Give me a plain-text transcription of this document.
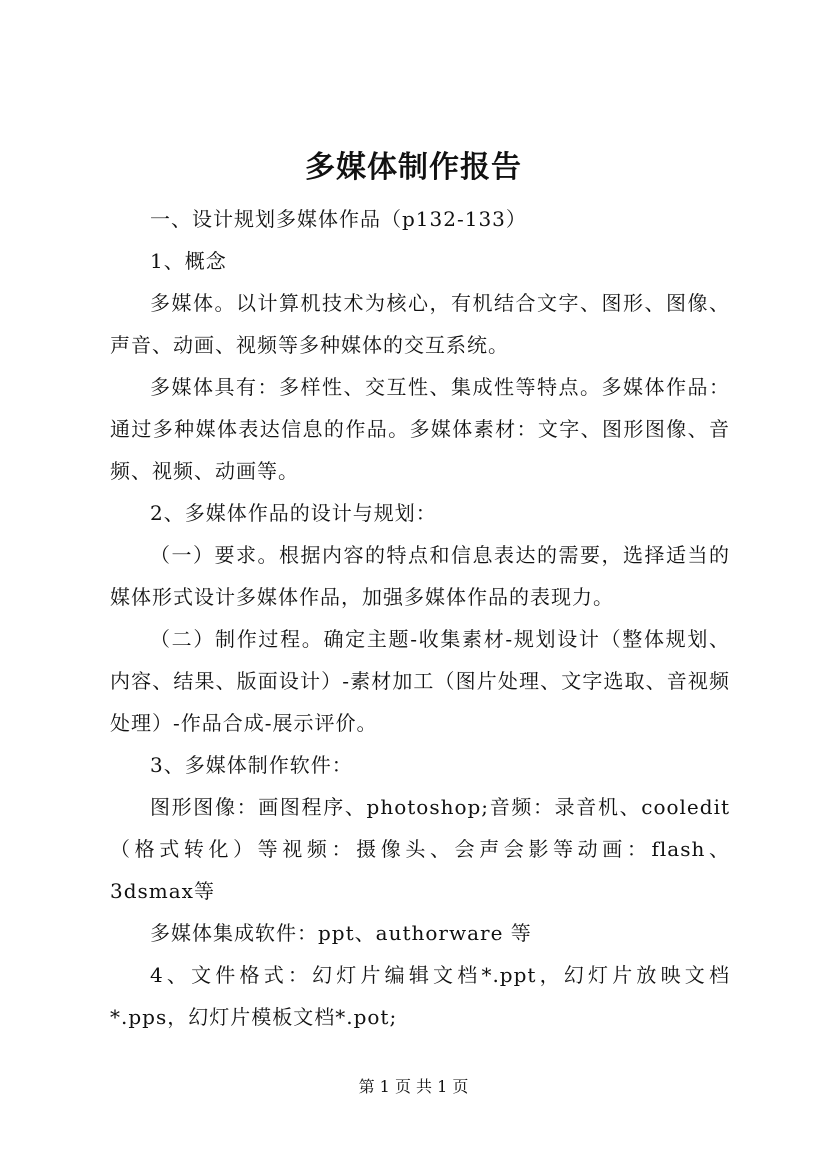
多媒体制作报告

一、设计规划多媒体作品（p132-133）

1、概念

多媒体。以计算机技术为核心，有机结合文字、图形、图像、声音、动画、视频等多种媒体的交互系统。

多媒体具有：多样性、交互性、集成性等特点。多媒体作品：通过多种媒体表达信息的作品。多媒体素材：文字、图形图像、音频、视频、动画等。

2、多媒体作品的设计与规划：

（一）要求。根据内容的特点和信息表达的需要，选择适当的媒体形式设计多媒体作品，加强多媒体作品的表现力。

（二）制作过程。确定主题-收集素材-规划设计（整体规划、内容、结果、版面设计）-素材加工（图片处理、文字选取、音视频处理）-作品合成-展示评价。

3、多媒体制作软件：

图形图像：画图程序、photoshop;音频：录音机、cooledit（格式转化）等视频：摄像头、会声会影等动画：flash、3dsmax等

多媒体集成软件：ppt、authorware 等

4、文件格式：幻灯片编辑文档*.ppt，幻灯片放映文档*.pps，幻灯片模板文档*.pot;

第 1 页 共 1 页
